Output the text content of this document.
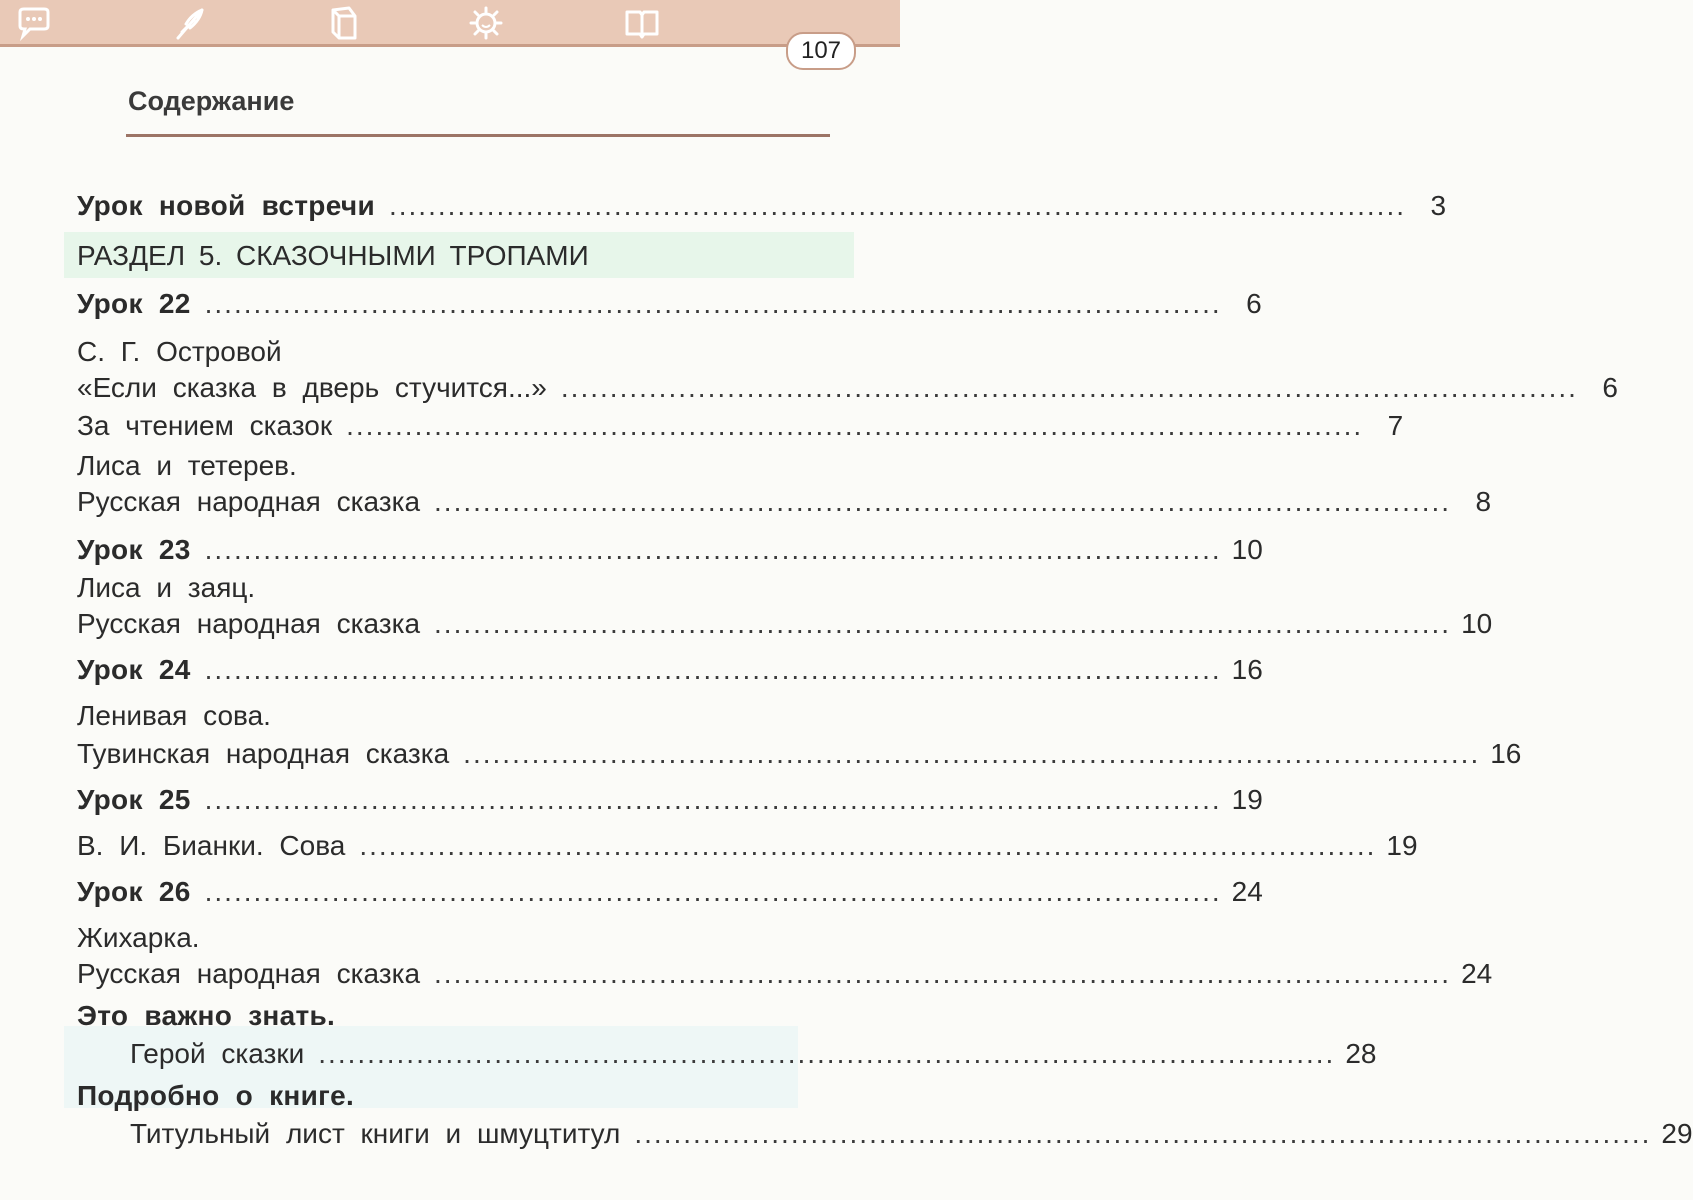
107
Содержание
Урок новой встречи ........................................................................................................ 3
РАЗДЕЛ 5. СКАЗОЧНЫМИ ТРОПАМИ
Урок 22 ........................................................................................................ 6
С. Г. Островой
«Если сказка в дверь стучится...» ........................................................................................................ 6
За чтением сказок ........................................................................................................ 7
Лиса и тетерев.
Русская народная сказка ........................................................................................................ 8
Урок 23 ........................................................................................................ 10
Лиса и заяц.
Русская народная сказка ........................................................................................................ 10
Урок 24 ........................................................................................................ 16
Ленивая сова.
Тувинская народная сказка ........................................................................................................ 16
Урок 25 ........................................................................................................ 19
В. И. Бианки. Сова ........................................................................................................ 19
Урок 26 ........................................................................................................ 24
Жихарка.
Русская народная сказка ........................................................................................................ 24
Это важно знать.
Герой сказки ........................................................................................................ 28
Подробно о книге.
Титульный лист книги и шмуцтитул ........................................................................................................ 29
